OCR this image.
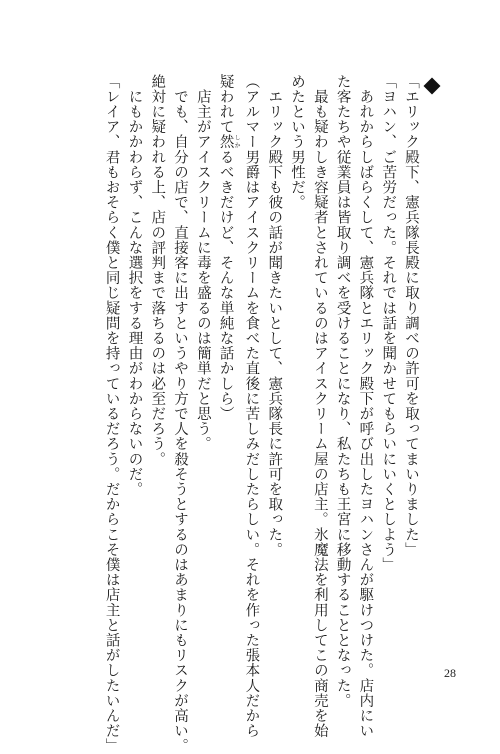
「エリック殿下、憲兵隊長殿に取り調べの許可を取ってまいりました」
「ヨハン、ご苦労だった。それでは話を聞かせてもらいにいくとしよう」
　あれからしばらくして、憲兵隊とエリック殿下が呼び出したヨハンさんが駆けつけた。店内にい
た客たちや従業員は皆取り調べを受けることになり、私たちも王宮に移動することとなった。
　最も疑わしき容疑者とされているのはアイスクリーム屋の店主。氷魔法を利用してこの商売を始
めたという男性だ。
　エリック殿下も彼の話が聞きたいとして、憲兵隊長に許可を取った。
（アルマー男爵はアイスクリームを食べた直後に苦しみだしたらしい。それを作った張本人だから
疑われて然 しかるべきだけど、そんな単純な話かしら）
　店主がアイスクリームに毒を盛るのは簡単だと思う。
　でも、自分の店で、直接客に出すというやり方で人を殺そうとするのはあまりにもリスクが高い。
絶対に疑われる上、店の評判まで落ちるのは必至だろう。
　にもかかわらず、こんな選択をする理由がわからないのだ。
「レイア、君もおそらく僕と同じ疑問を持っているだろう。だからこそ僕は店主と話がしたいんだ」	28
